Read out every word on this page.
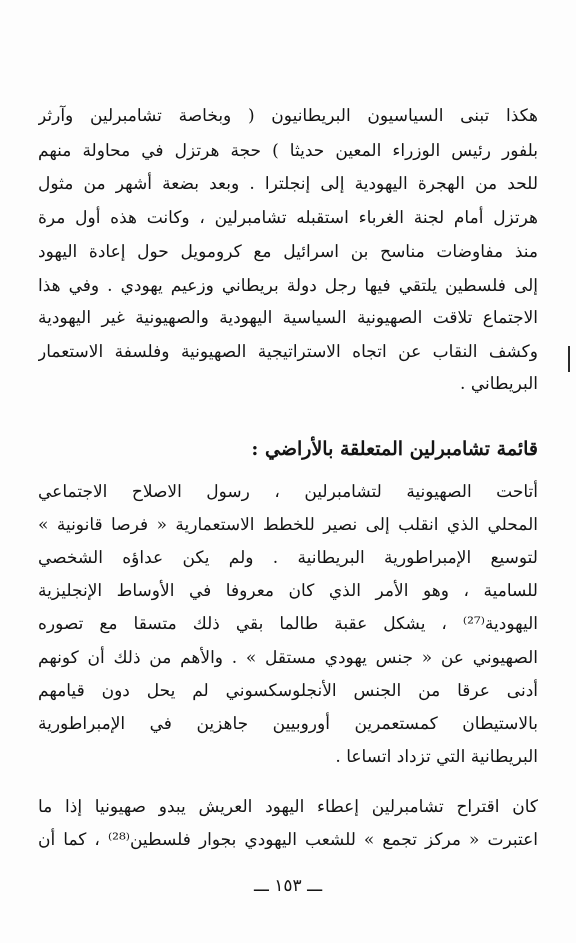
هكذا تبنى السياسيون البريطانيون ( وبخاصة تشامبرلين وآرثر
بلفور رئيس الوزراء المعين حديثا ) حجة هرتزل في محاولة منهم
للحد من الهجرة اليهودية إلى إنجلترا . وبعد بضعة أشهر من مثول
هرتزل أمام لجنة الغرباء استقبله تشامبرلين ، وكانت هذه أول مرة
منذ مفاوضات مناسح بن اسرائيل مع كرومويل حول إعادة اليهود
إلى فلسطين يلتقي فيها رجل دولة بريطاني وزعيم يهودي . وفي هذا
الاجتماع تلاقت الصهيونية السياسية اليهودية والصهيونية غير اليهودية
وكشف النقاب عن اتجاه الاستراتيجية الصهيونية وفلسفة الاستعمار
البريطاني .
قائمة تشامبرلين المتعلقة بالأراضي :
أتاحت الصهيونية لتشامبرلين ، رسول الاصلاح الاجتماعي
المحلي الذي انقلب إلى نصير للخطط الاستعمارية « فرصا قانونية »
لتوسيع الإمبراطورية البريطانية . ولم يكن عداؤه الشخصي
للسامية ، وهو الأمر الذي كان معروفا في الأوساط الإنجليزية
اليهودية⁽²⁷⁾ ، يشكل عقبة طالما بقي ذلك متسقا مع تصوره
الصهيوني عن « جنس يهودي مستقل » . والأهم من ذلك أن كونهم
أدنى عرقا من الجنس الأنجلوسكسوني لم يحل دون قيامهم
بالاستيطان كمستعمرين أوروبيين جاهزين في الإمبراطورية
البريطانية التي تزداد اتساعا .
كان اقتراح تشامبرلين إعطاء اليهود العريش يبدو صهيونيا إذا ما
اعتبرت « مركز تجمع » للشعب اليهودي بجوار فلسطين⁽²⁸⁾ ، كما أن
ـــ ١٥٣ ـــ
